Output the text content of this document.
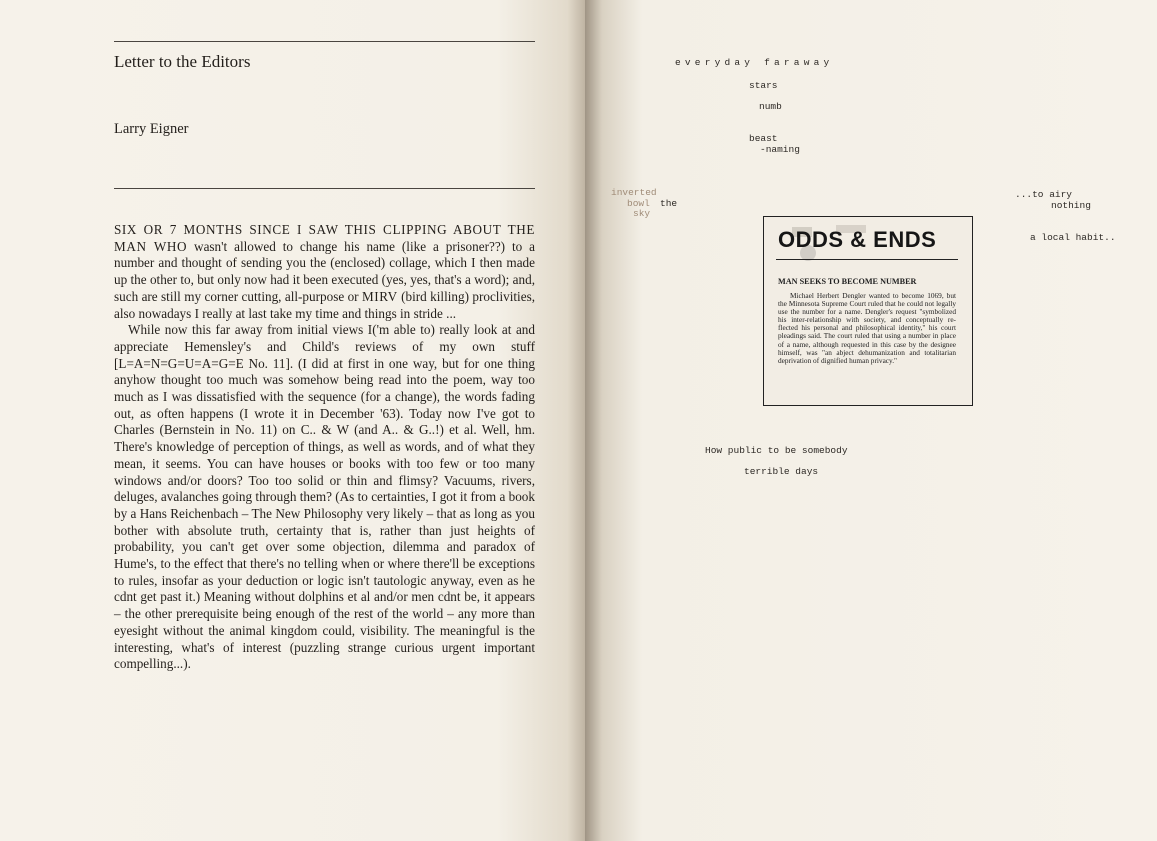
Letter to the Editors
Larry Eigner

SIX OR 7 MONTHS SINCE I SAW THIS CLIPPING ABOUT THE MAN WHO wasn't allowed to change his name (like a prisoner??) to a number and thought of sending you the (enclosed) collage, which I then made up the other to, but only now had it been executed (yes, yes, that's a word); and, such are still my corner cutting, all-purpose or MIRV (bird killing) proclivities, also nowadays I really at last take my time and things in stride ...

While now this far away from initial views I('m able to) really look at and appreciate Hemensley's and Child's reviews of my own stuff [L=A=N=G=U=A=G=E No. 11]. (I did at first in one way, but for one thing anyhow thought too much was somehow being read into the poem, way too much as I was dissatisfied with the sequence (for a change), the words fading out, as often happens (I wrote it in December '63). Today now I've got to Charles (Bernstein in No. 11) on C.. & W (and A.. & G..!) et al. Well, hm. There's knowledge of perception of things, as well as words, and of what they mean, it seems. You can have houses or books with too few or too many windows and/or doors? Too too solid or thin and flimsy? Vacuums, rivers, deluges, avalanches going through them? (As to certainties, I got it from a book by a Hans Reichenbach – The New Philosophy very likely – that as long as you bother with absolute truth, certainty that is, rather than just heights of probability, you can't get over some objection, dilemma and paradox of Hume's, to the effect that there's no telling when or where there'll be exceptions to rules, insofar as your deduction or logic isn't tautologic anyway, even as he cdnt get past it.) Meaning without dolphins et al and/or men cdnt be, it appears – the other prerequisite being enough of the rest of the world – any more than eyesight without the animal kingdom could, visibility. The meaningful is the interesting, what's of interest (puzzling strange curious urgent important compelling...).

everyday faraway
stars
numb
beast
-naming
inverted
bowl the
sky
...to airy
nothing
a local habit..
ODDS & ENDS
MAN SEEKS TO BECOME NUMBER

Michael Herbert Dengler wanted to become 1069, but the Minnesota Supreme Court ruled that he could not legally use the number for a name. Dengler's request "symbolized his inter-relationship with society, and conceptually re-flected his personal and philosophical identity," his court pleadings said. The court ruled that using a number in place of a name, although requested in this case by the designee himself, was "an abject dehumanization and totalitarian deprivation of dignified human privacy."

How public to be somebody
terrible days
